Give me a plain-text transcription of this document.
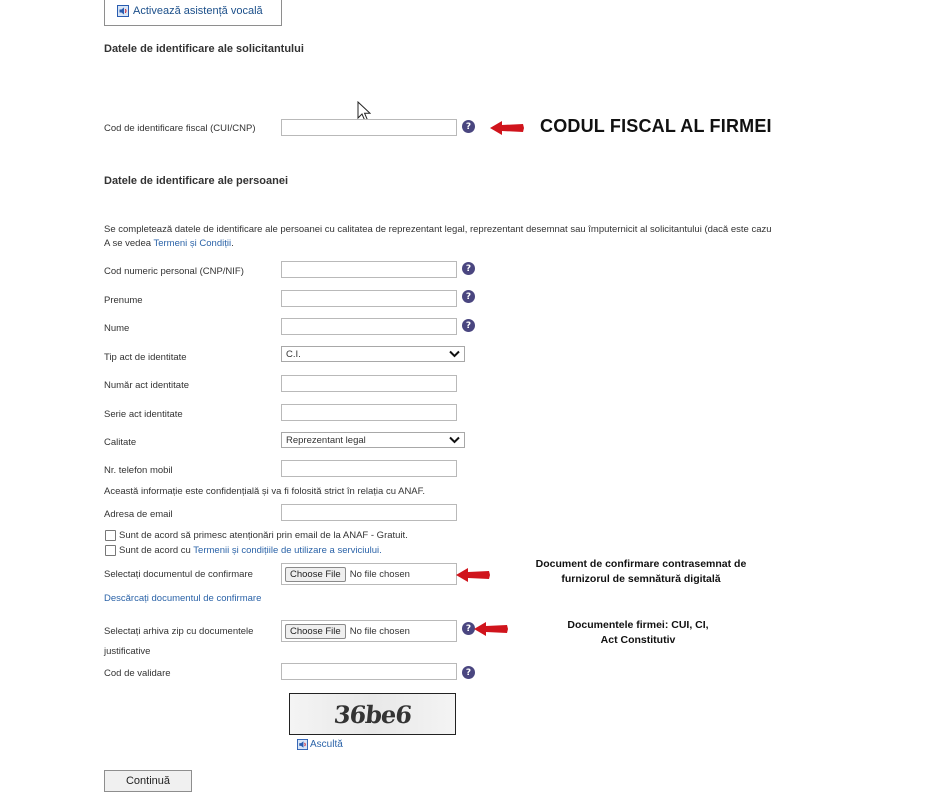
Activează asistență vocală
Datele de identificare ale solicitantului
Cod de identificare fiscal (CUI/CNP)	?	CODUL FISCAL AL FIRMEI
Datele de identificare ale persoanei
Se completează datele de identificare ale persoanei cu calitatea de reprezentant legal, reprezentant desemnat sau împuternicit al solicitantului (dacă este cazu
A se vedea Termeni și Condiții.
Cod numeric personal (CNP/NIF)	?
Prenume	?
Nume	?
Tip act de identitate	C.I.
Număr act identitate
Serie act identitate
Calitate	Reprezentant legal
Nr. telefon mobil
Această informație este confidențială și va fi folosită strict în relația cu ANAF.
Adresa de email
Sunt de acord să primesc atenționări prin email de la ANAF - Gratuit.
Sunt de acord cu Termenii și condițiile de utilizare a serviciului.
Selectați documentul de confirmare	Choose File No file chosen
Document de confirmare contrasemnat de
furnizorul de semnătură digitală
Descărcați documentul de confirmare
Selectați arhiva zip cu documentele
justificative
Choose File No file chosen	?	Documentele firmei: CUI, CI,
Act Constitutiv
Cod de validare	?
36be6
Ascultă
Continuă
